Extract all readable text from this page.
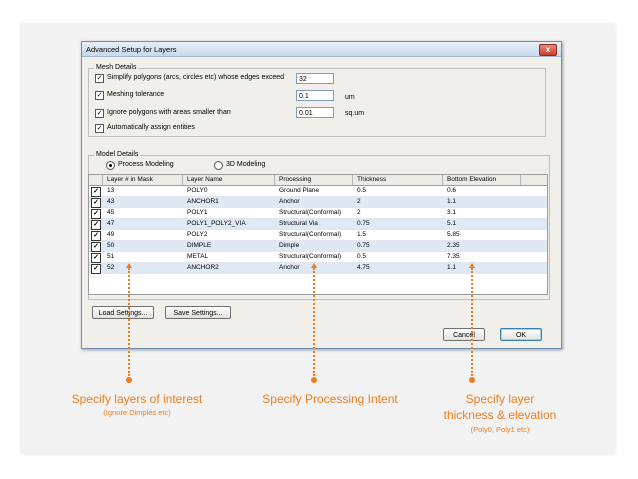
Advanced Setup for Layers	x
Mesh Details
✓ Simplify polygons (arcs, circles etc) whose edges exceed	32
✓ Meshing tolerance	0.1	um
✓ Ignore polygons with areas smaller than	0.01	sq.um
✓ Automatically assign entities
Model Details
Process Modeling	3D Modeling
Layer # in Mask	Layer Name	Processing	Thickness	Bottom Elevation
✓	13	POLY0	Ground Plane	0.5	0.6
✓	43	ANCHOR1	Anchor	2	1.1
✓	45	POLY1	Structural(Conformal)	2	3.1
✓	47	POLY1_POLY2_VIA	Structural Via	0.75	5.1
✓	49	POLY2	Structural(Conformal)	1.5	5.85
✓	50	DIMPLE	Dimple	0.75	2.35
✓	51	METAL	Structural(Conformal)	0.5	7.35
✓	52	ANCHOR2	Anchor	4.75	1.1
Load Settings...	Save Settings...
Cancel	OK
Specify layers of interest
(Ignore Dimples etc)
Specify Processing Intent	Specify layer
thickness & elevation
(Poly0, Poly1 etc)
